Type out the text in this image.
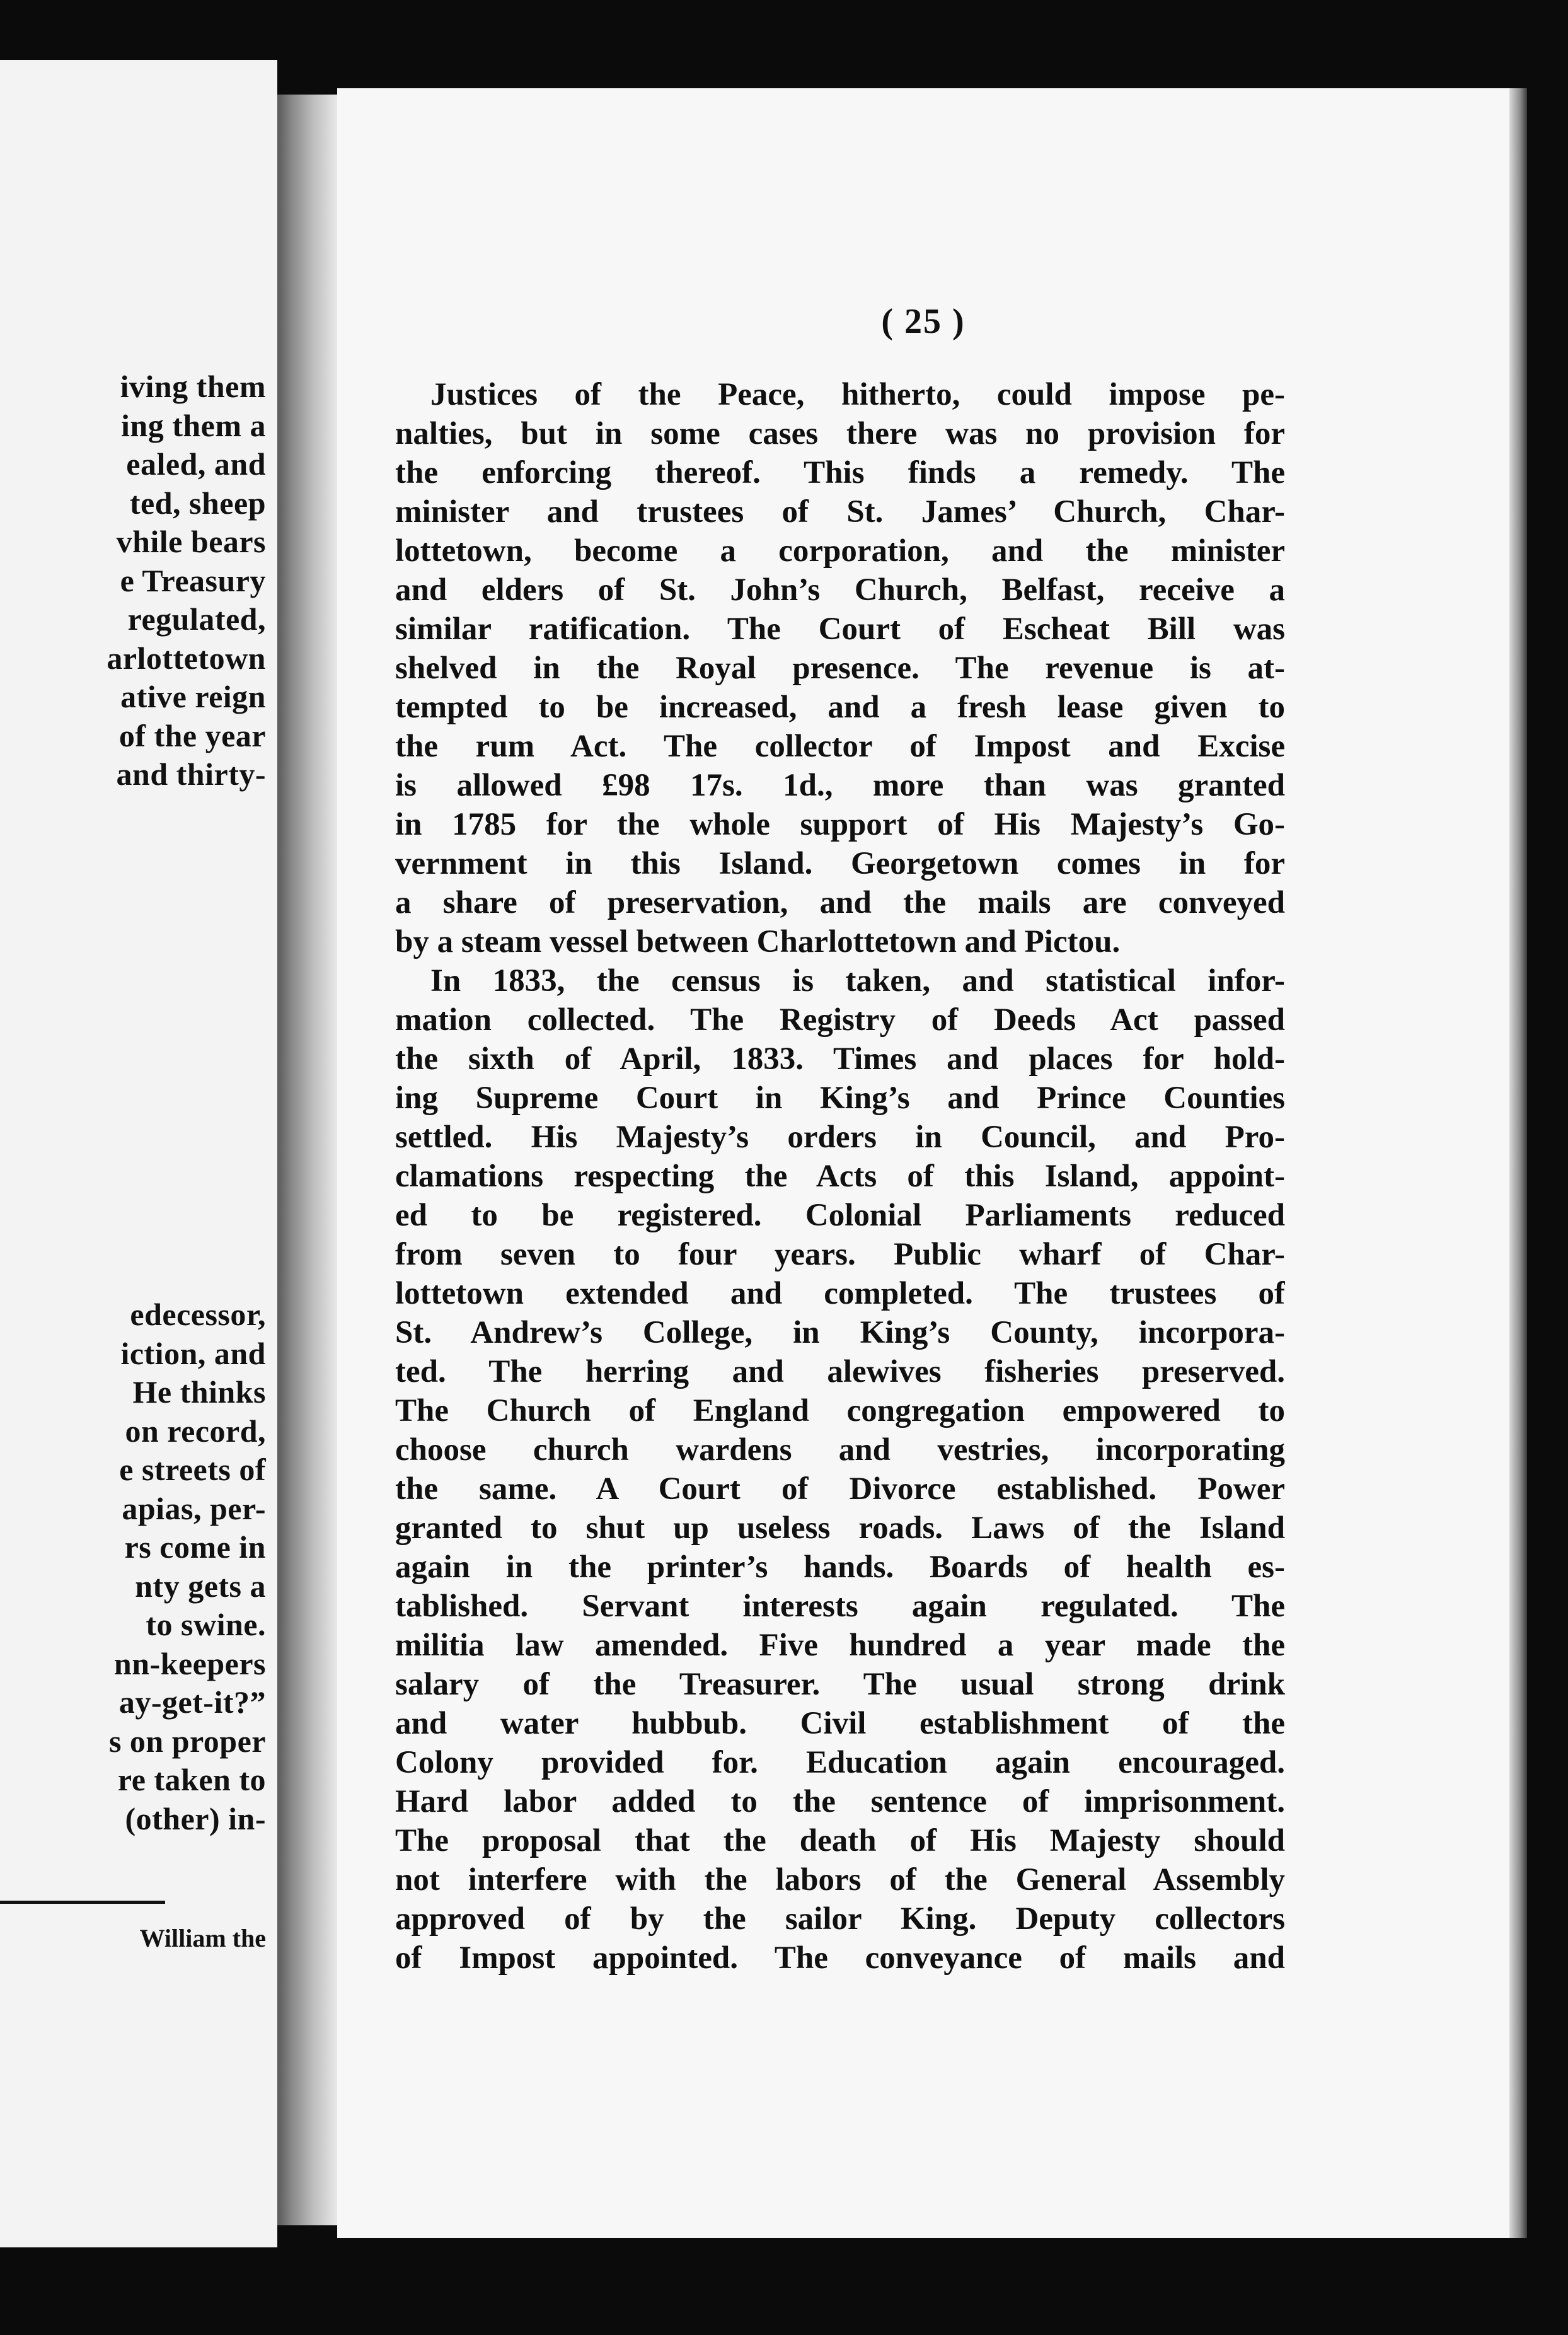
iving them
ing them a
ealed, and
ted, sheep
vhile bears
e Treasury
regulated,
arlottetown
ative reign
of the year
and thirty-
edecessor,
iction, and
He thinks
on record,
e streets of
apias, per-
rs come in
nty gets a
to swine.
nn-keepers
ay-get-it?”
s on proper
re taken to
(other) in-
William the
( 25 )
Justices of the Peace, hitherto, could impose pe-
nalties, but in some cases there was no provision for
the enforcing thereof. This finds a remedy. The
minister and trustees of St. James’ Church, Char-
lottetown, become a corporation, and the minister
and elders of St. John’s Church, Belfast, receive a
similar ratification. The Court of Escheat Bill was
shelved in the Royal presence. The revenue is at-
tempted to be increased, and a fresh lease given to
the rum Act. The collector of Impost and Excise
is allowed £98 17s. 1d., more than was granted
in 1785 for the whole support of His Majesty’s Go-
vernment in this Island. Georgetown comes in for
a share of preservation, and the mails are conveyed
by a steam vessel between Charlottetown and Pictou.
In 1833, the census is taken, and statistical infor-
mation collected. The Registry of Deeds Act passed
the sixth of April, 1833. Times and places for hold-
ing Supreme Court in King’s and Prince Counties
settled. His Majesty’s orders in Council, and Pro-
clamations respecting the Acts of this Island, appoint-
ed to be registered. Colonial Parliaments reduced
from seven to four years. Public wharf of Char-
lottetown extended and completed. The trustees of
St. Andrew’s College, in King’s County, incorpora-
ted. The herring and alewives fisheries preserved.
The Church of England congregation empowered to
choose church wardens and vestries, incorporating
the same. A Court of Divorce established. Power
granted to shut up useless roads. Laws of the Island
again in the printer’s hands. Boards of health es-
tablished. Servant interests again regulated. The
militia law amended. Five hundred a year made the
salary of the Treasurer. The usual strong drink
and water hubbub. Civil establishment of the
Colony provided for. Education again encouraged.
Hard labor added to the sentence of imprisonment.
The proposal that the death of His Majesty should
not interfere with the labors of the General Assembly
approved of by the sailor King. Deputy collectors
of Impost appointed. The conveyance of mails and
